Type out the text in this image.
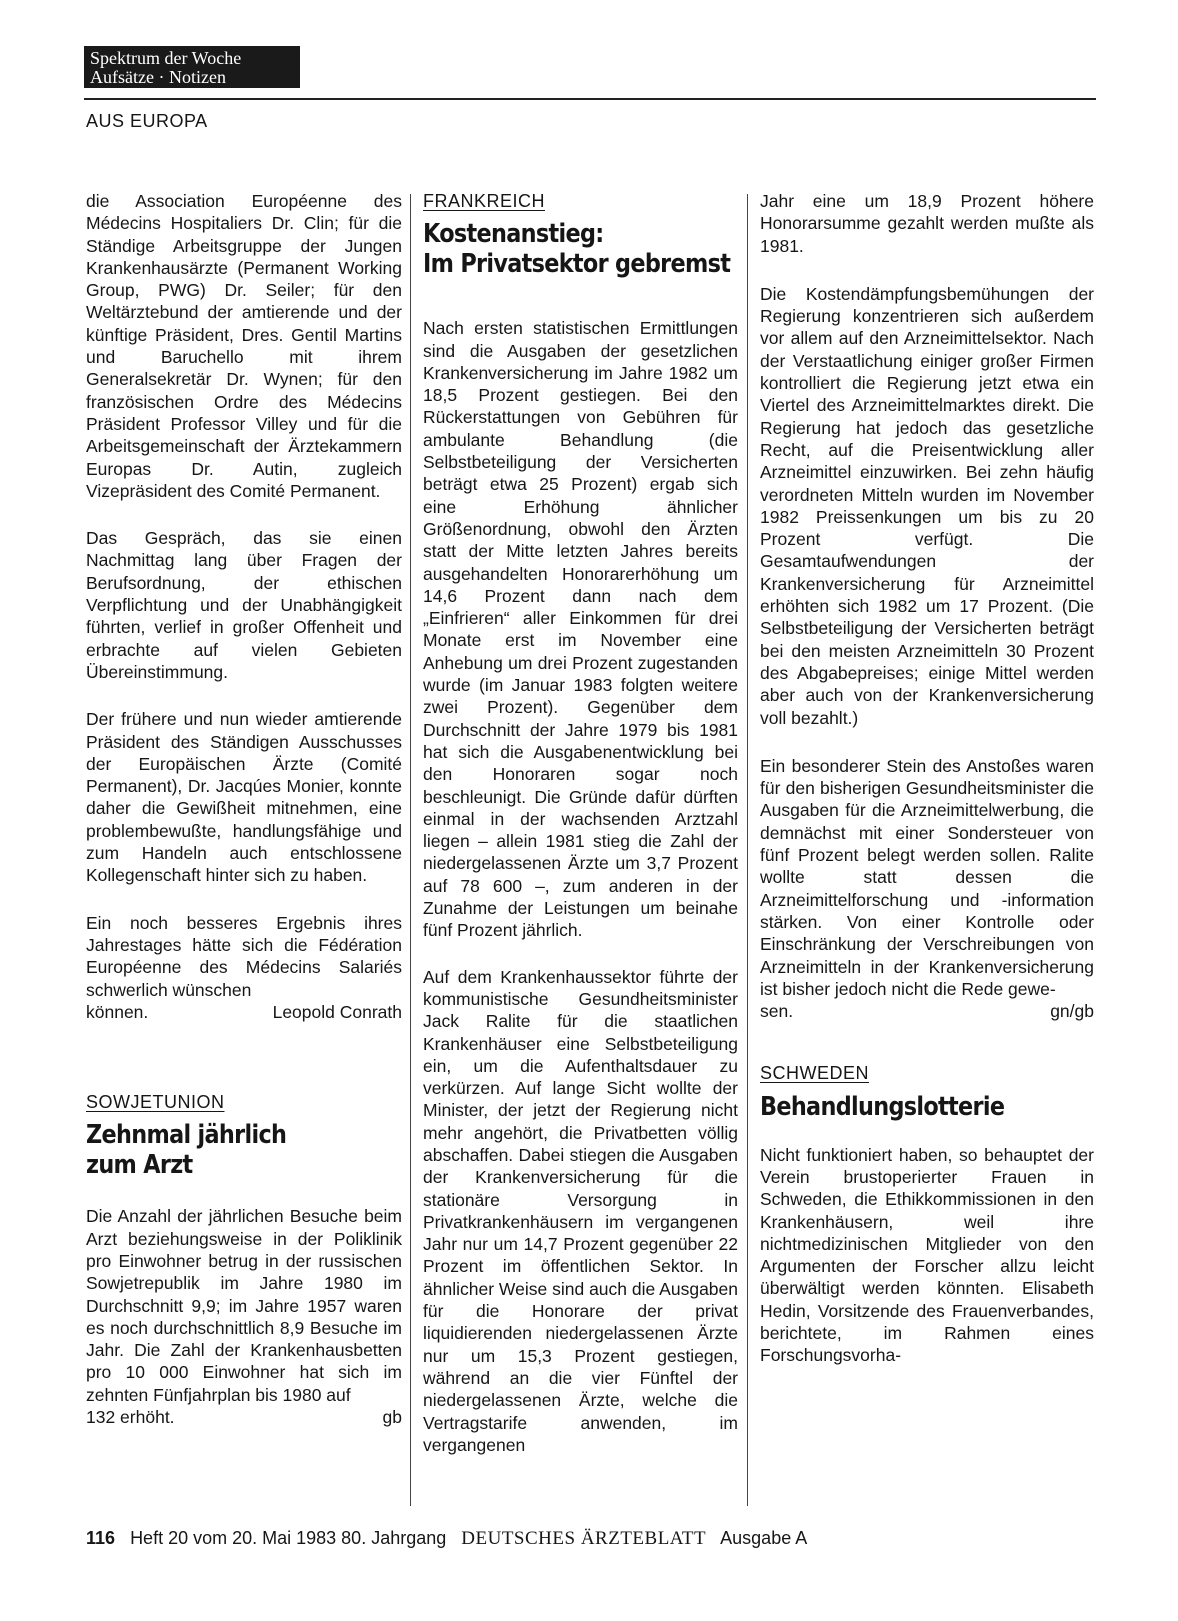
Spektrum der Woche
Aufsätze · Notizen
AUS EUROPA

die Association Européenne des Médecins Hospitaliers Dr. Clin; für die Ständige Arbeitsgruppe der Jungen Krankenhausärzte (Permanent Working Group, PWG) Dr. Seiler; für den Weltärztebund der amtierende und der künftige Präsident, Dres. Gentil Martins und Baruchello mit ihrem Generalsekretär Dr. Wynen; für den französischen Ordre des Médecins Präsident Professor Villey und für die Arbeitsgemeinschaft der Ärztekammern Europas Dr. Autin, zugleich Vizepräsident des Comité Permanent.

Das Gespräch, das sie einen Nachmittag lang über Fragen der Berufsordnung, der ethischen Verpflichtung und der Unabhängigkeit führten, verlief in großer Offenheit und erbrachte auf vielen Gebieten Übereinstimmung.

Der frühere und nun wieder amtierende Präsident des Ständigen Ausschusses der Europäischen Ärzte (Comité Permanent), Dr. Jacqúes Monier, konnte daher die Gewißheit mitnehmen, eine problembewußte, handlungsfähige und zum Handeln auch entschlossene Kollegenschaft hinter sich zu haben.

Ein noch besseres Ergebnis ihres Jahrestages hätte sich die Fédération Européenne des Médecins Salariés schwerlich wünschen

können.	Leopold Conrath
SOWJETUNION
Zehnmal jährlich
zum Arzt

Die Anzahl der jährlichen Besuche beim Arzt beziehungsweise in der Poliklinik pro Einwohner betrug in der russischen Sowjetrepublik im Jahre 1980 im Durchschnitt 9,9; im Jahre 1957 waren es noch durchschnittlich 8,9 Besuche im Jahr. Die Zahl der Krankenhausbetten pro 10 000 Einwohner hat sich im zehnten Fünfjahrplan bis 1980 auf

132 erhöht.	gb
FRANKREICH
Kostenanstieg:
Im Privatsektor gebremst

Nach ersten statistischen Ermittlungen sind die Ausgaben der gesetzlichen Krankenversicherung im Jahre 1982 um 18,5 Prozent gestiegen. Bei den Rückerstattungen von Gebühren für ambulante Behandlung (die Selbstbeteiligung der Versicherten beträgt etwa 25 Prozent) ergab sich eine Erhöhung ähnlicher Größenordnung, obwohl den Ärzten statt der Mitte letzten Jahres bereits ausgehandelten Honorarerhöhung um 14,6 Prozent dann nach dem „Einfrieren“ aller Einkommen für drei Monate erst im November eine Anhebung um drei Prozent zugestanden wurde (im Januar 1983 folgten weitere zwei Prozent). Gegenüber dem Durchschnitt der Jahre 1979 bis 1981 hat sich die Ausgabenentwicklung bei den Honoraren sogar noch beschleunigt. Die Gründe dafür dürften einmal in der wachsenden Arztzahl liegen – allein 1981 stieg die Zahl der niedergelassenen Ärzte um 3,7 Prozent auf 78 600 –, zum anderen in der Zunahme der Leistungen um beinahe fünf Prozent jährlich.

Auf dem Krankenhaussektor führte der kommunistische Gesundheitsminister Jack Ralite für die staatlichen Krankenhäuser eine Selbstbeteiligung ein, um die Aufenthaltsdauer zu verkürzen. Auf lange Sicht wollte der Minister, der jetzt der Regierung nicht mehr angehört, die Privatbetten völlig abschaffen. Dabei stiegen die Ausgaben der Krankenversicherung für die stationäre Versorgung in Privatkrankenhäusern im vergangenen Jahr nur um 14,7 Prozent gegenüber 22 Prozent im öffentlichen Sektor. In ähnlicher Weise sind auch die Ausgaben für die Honorare der privat liquidierenden niedergelassenen Ärzte nur um 15,3 Prozent gestiegen, während an die vier Fünftel der niedergelassenen Ärzte, welche die Vertragstarife anwenden, im vergangenen

Jahr eine um 18,9 Prozent höhere Honorarsumme gezahlt werden mußte als 1981.

Die Kostendämpfungsbemühungen der Regierung konzentrieren sich außerdem vor allem auf den Arzneimittelsektor. Nach der Verstaatlichung einiger großer Firmen kontrolliert die Regierung jetzt etwa ein Viertel des Arzneimittelmarktes direkt. Die Regierung hat jedoch das gesetzliche Recht, auf die Preisentwicklung aller Arzneimittel einzuwirken. Bei zehn häufig verordneten Mitteln wurden im November 1982 Preissenkungen um bis zu 20 Prozent verfügt. Die Gesamtaufwendungen der Krankenversicherung für Arzneimittel erhöhten sich 1982 um 17 Prozent. (Die Selbstbeteiligung der Versicherten beträgt bei den meisten Arzneimitteln 30 Prozent des Abgabepreises; einige Mittel werden aber auch von der Krankenversicherung voll bezahlt.)

Ein besonderer Stein des Anstoßes waren für den bisherigen Gesundheitsminister die Ausgaben für die Arzneimittelwerbung, die demnächst mit einer Sondersteuer von fünf Prozent belegt werden sollen. Ralite wollte statt dessen die Arzneimittelforschung und -information stärken. Von einer Kontrolle oder Einschränkung der Verschreibungen von Arzneimitteln in der Krankenversicherung ist bisher jedoch nicht die Rede gewe-

sen.	gn/gb
SCHWEDEN
Behandlungslotterie

Nicht funktioniert haben, so behauptet der Verein brustoperierter Frauen in Schweden, die Ethikkommissionen in den Krankenhäusern, weil ihre nichtmedizinischen Mitglieder von den Argumenten der Forscher allzu leicht überwältigt werden könnten. Elisabeth Hedin, Vorsitzende des Frauenverbandes, berichtete, im Rahmen eines Forschungsvorha-

116 Heft 20 vom 20. Mai 1983 80. Jahrgang DEUTSCHES ÄRZTEBLATT Ausgabe A
